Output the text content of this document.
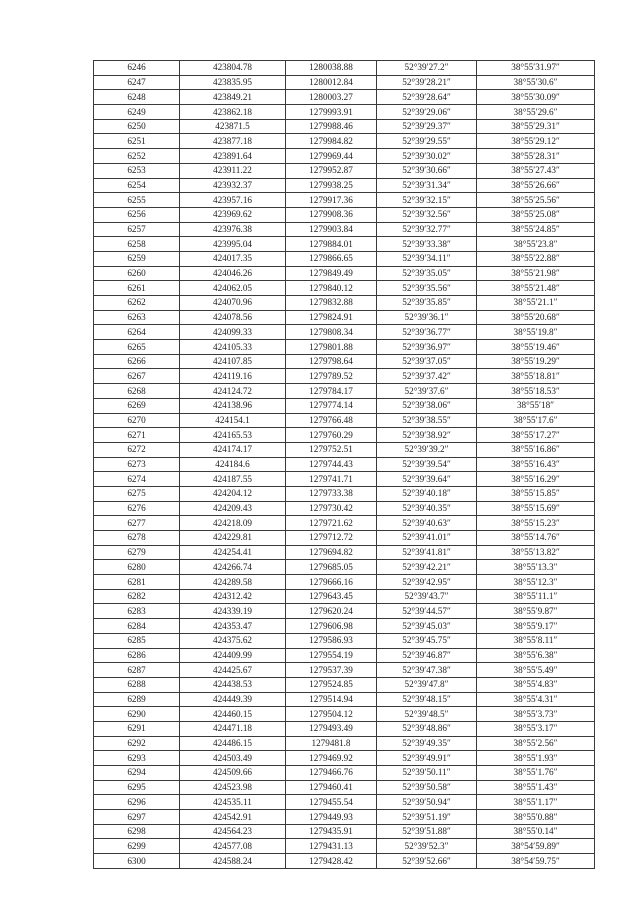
6246	423804.78	1280038.88	52°39′27.2″	38°55′31.97″
6247	423835.95	1280012.84	52°39′28.21″	38°55′30.6″
6248	423849.21	1280003.27	52°39′28.64″	38°55′30.09″
6249	423862.18	1279993.91	52°39′29.06″	38°55′29.6″
6250	423871.5	1279988.46	52°39′29.37″	38°55′29.31″
6251	423877.18	1279984.82	52°39′29.55″	38°55′29.12″
6252	423891.64	1279969.44	52°39′30.02″	38°55′28.31″
6253	423911.22	1279952.87	52°39′30.66″	38°55′27.43″
6254	423932.37	1279938.25	52°39′31.34″	38°55′26.66″
6255	423957.16	1279917.36	52°39′32.15″	38°55′25.56″
6256	423969.62	1279908.36	52°39′32.56″	38°55′25.08″
6257	423976.38	1279903.84	52°39′32.77″	38°55′24.85″
6258	423995.04	1279884.01	52°39′33.38″	38°55′23.8″
6259	424017.35	1279866.65	52°39′34.11″	38°55′22.88″
6260	424046.26	1279849.49	52°39′35.05″	38°55′21.98″
6261	424062.05	1279840.12	52°39′35.56″	38°55′21.48″
6262	424070.96	1279832.88	52°39′35.85″	38°55′21.1″
6263	424078.56	1279824.91	52°39′36.1″	38°55′20.68″
6264	424099.33	1279808.34	52°39′36.77″	38°55′19.8″
6265	424105.33	1279801.88	52°39′36.97″	38°55′19.46″
6266	424107.85	1279798.64	52°39′37.05″	38°55′19.29″
6267	424119.16	1279789.52	52°39′37.42″	38°55′18.81″
6268	424124.72	1279784.17	52°39′37.6″	38°55′18.53″
6269	424138.96	1279774.14	52°39′38.06″	38°55′18″
6270	424154.1	1279766.48	52°39′38.55″	38°55′17.6″
6271	424165.53	1279760.29	52°39′38.92″	38°55′17.27″
6272	424174.17	1279752.51	52°39′39.2″	38°55′16.86″
6273	424184.6	1279744.43	52°39′39.54″	38°55′16.43″
6274	424187.55	1279741.71	52°39′39.64″	38°55′16.29″
6275	424204.12	1279733.38	52°39′40.18″	38°55′15.85″
6276	424209.43	1279730.42	52°39′40.35″	38°55′15.69″
6277	424218.09	1279721.62	52°39′40.63″	38°55′15.23″
6278	424229.81	1279712.72	52°39′41.01″	38°55′14.76″
6279	424254.41	1279694.82	52°39′41.81″	38°55′13.82″
6280	424266.74	1279685.05	52°39′42.21″	38°55′13.3″
6281	424289.58	1279666.16	52°39′42.95″	38°55′12.3″
6282	424312.42	1279643.45	52°39′43.7″	38°55′11.1″
6283	424339.19	1279620.24	52°39′44.57″	38°55′9.87″
6284	424353.47	1279606.98	52°39′45.03″	38°55′9.17″
6285	424375.62	1279586.93	52°39′45.75″	38°55′8.11″
6286	424409.99	1279554.19	52°39′46.87″	38°55′6.38″
6287	424425.67	1279537.39	52°39′47.38″	38°55′5.49″
6288	424438.53	1279524.85	52°39′47.8″	38°55′4.83″
6289	424449.39	1279514.94	52°39′48.15″	38°55′4.31″
6290	424460.15	1279504.12	52°39′48.5″	38°55′3.73″
6291	424471.18	1279493.49	52°39′48.86″	38°55′3.17″
6292	424486.15	1279481.8	52°39′49.35″	38°55′2.56″
6293	424503.49	1279469.92	52°39′49.91″	38°55′1.93″
6294	424509.66	1279466.76	52°39′50.11″	38°55′1.76″
6295	424523.98	1279460.41	52°39′50.58″	38°55′1.43″
6296	424535.11	1279455.54	52°39′50.94″	38°55′1.17″
6297	424542.91	1279449.93	52°39′51.19″	38°55′0.88″
6298	424564.23	1279435.91	52°39′51.88″	38°55′0.14″
6299	424577.08	1279431.13	52°39′52.3″	38°54′59.89″
6300	424588.24	1279428.42	52°39′52.66″	38°54′59.75″
